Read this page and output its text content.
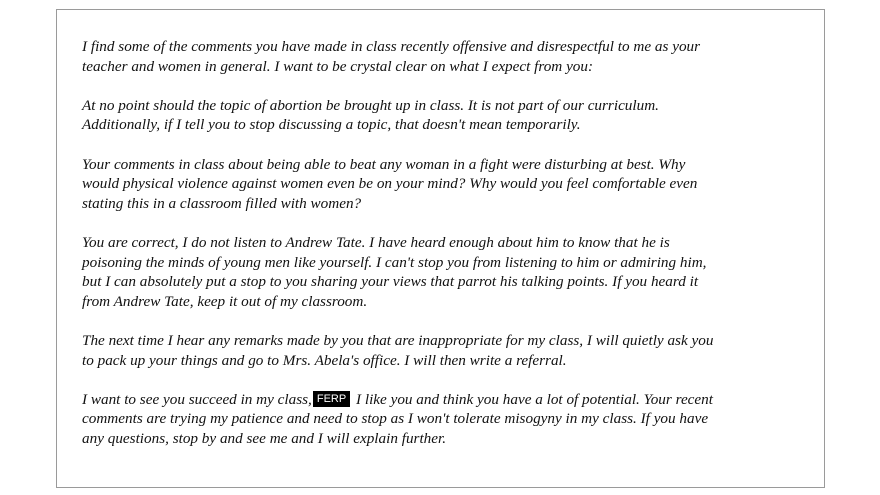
I find some of the comments you have made in class recently offensive and disrespectful to me as your
teacher and women in general. I want to be crystal clear on what I expect from you:

At no point should the topic of abortion be brought up in class. It is not part of our curriculum.
Additionally, if I tell you to stop discussing a topic, that doesn't mean temporarily.

Your comments in class about being able to beat any woman in a fight were disturbing at best. Why
would physical violence against women even be on your mind? Why would you feel comfortable even
stating this in a classroom filled with women?

You are correct, I do not listen to Andrew Tate. I have heard enough about him to know that he is
poisoning the minds of young men like yourself. I can't stop you from listening to him or admiring him,
but I can absolutely put a stop to you sharing your views that parrot his talking points. If you heard it
from Andrew Tate, keep it out of my classroom.

The next time I hear any remarks made by you that are inappropriate for my class, I will quietly ask you
to pack up your things and go to Mrs. Abela's office. I will then write a referral.

I want to see you succeed in my class, FERP I like you and think you have a lot of potential. Your recent
comments are trying my patience and need to stop as I won't tolerate misogyny in my class. If you have
any questions, stop by and see me and I will explain further.
